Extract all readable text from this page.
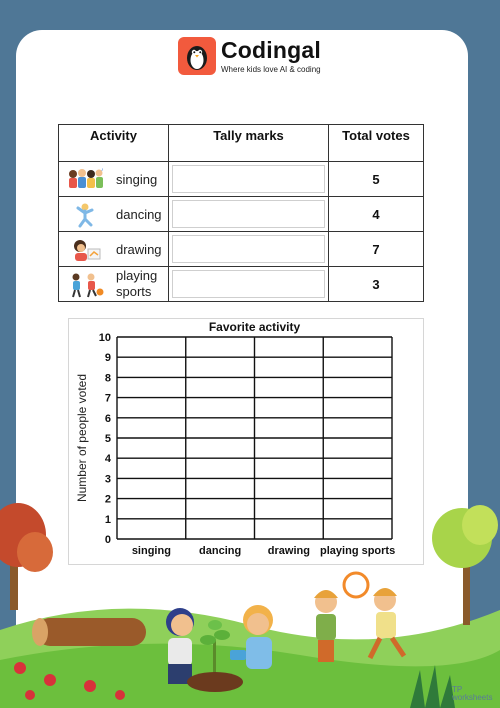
Codingal
Where kids love AI & coding
Activity	Tally marks	Total votes

♪
singing		5

dancing		4

drawing		7

playing
sports		3
Favorite activity
Number of people voted
0
1
2
3
4
5
6
7
8
9
10
singing	dancing drawing playing sports
TP
worksheets
